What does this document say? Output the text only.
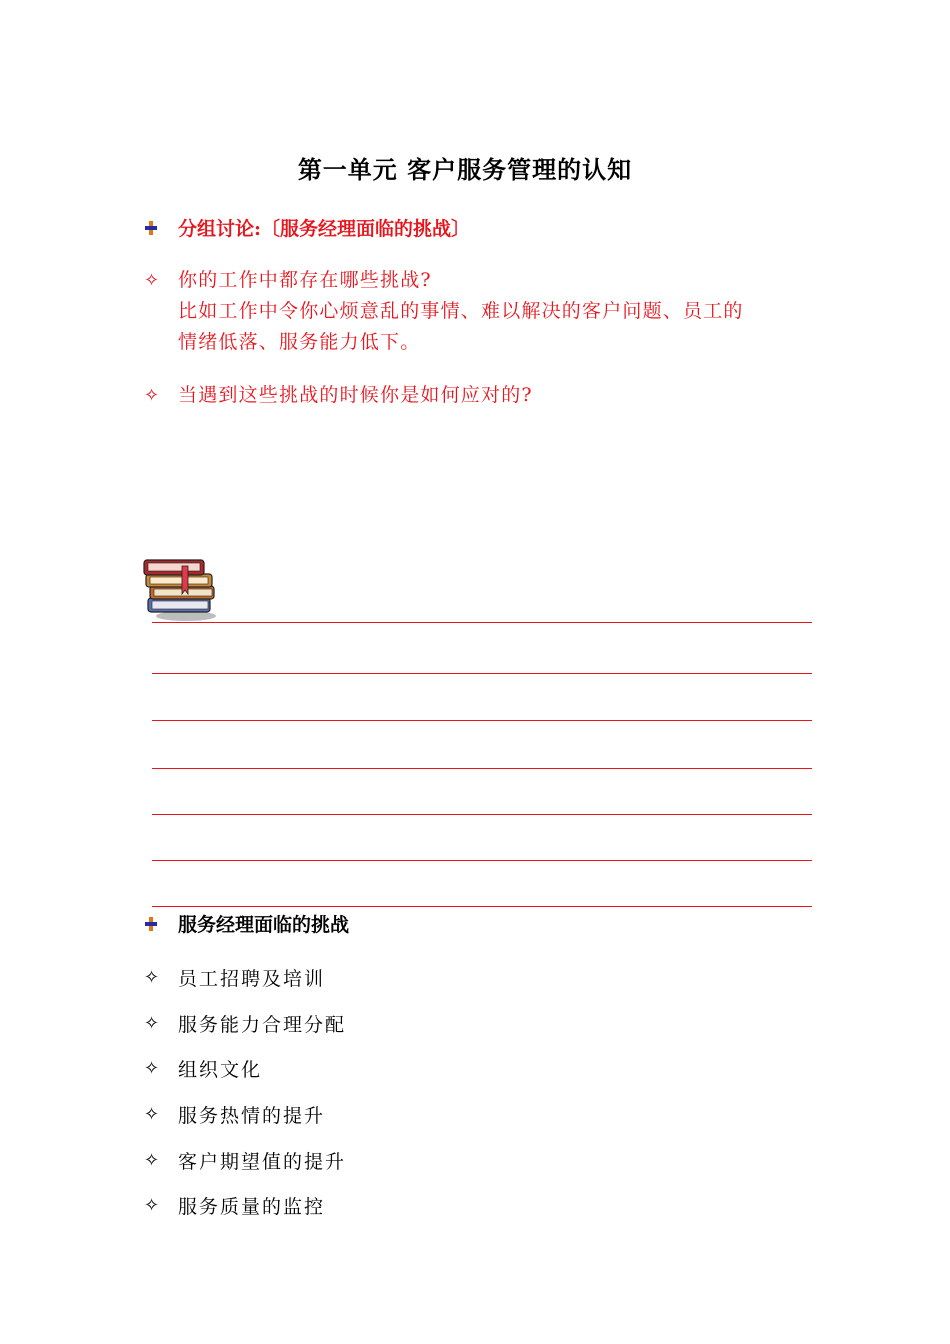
第一单元 客户服务管理的认知
分组讨论:〔服务经理面临的挑战〕
✧ 你的工作中都存在哪些挑战?
比如工作中令你心烦意乱的事情、难以解决的客户问题、员工的
情绪低落、服务能力低下。
✧ 当遇到这些挑战的时候你是如何应对的?
服务经理面临的挑战
✧ 员工招聘及培训
✧ 服务能力合理分配
✧ 组织文化
✧ 服务热情的提升
✧ 客户期望值的提升
✧ 服务质量的监控
